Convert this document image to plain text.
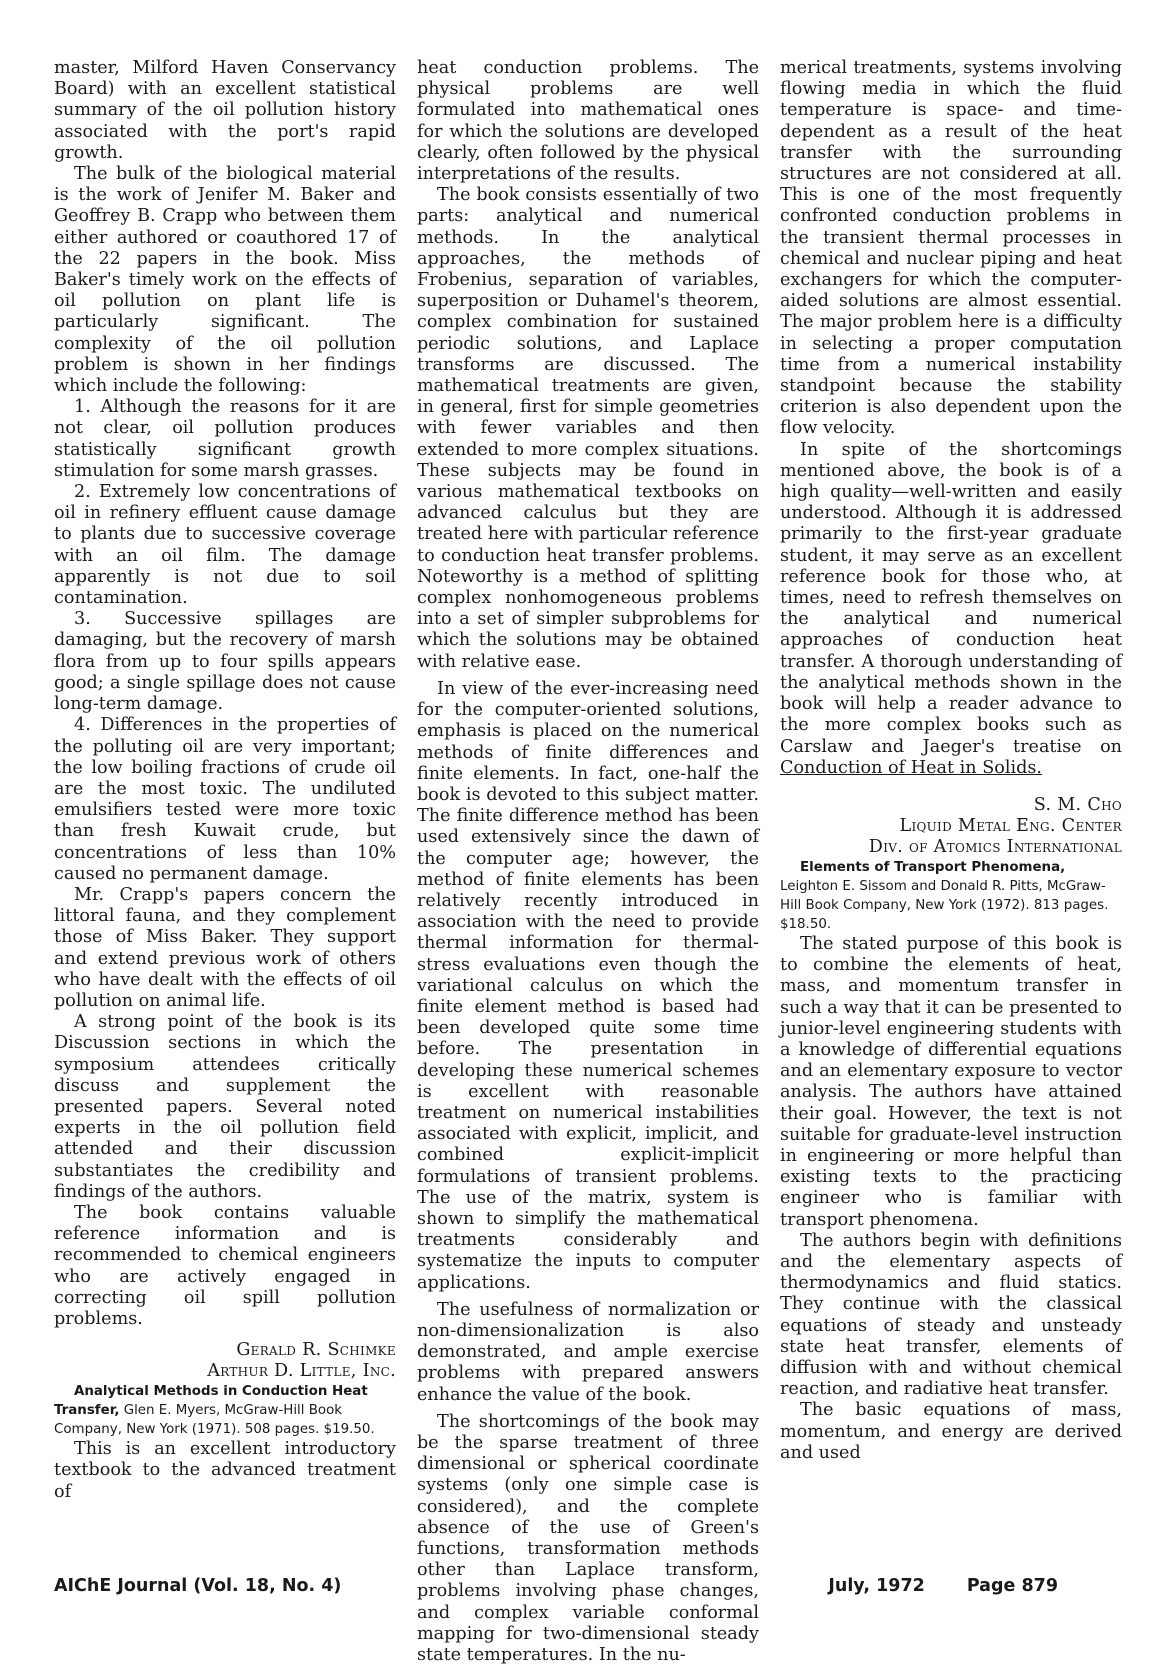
master, Milford Haven Conservancy Board) with an excellent statistical summary of the oil pollution history associated with the port's rapid growth.

The bulk of the biological material is the work of Jenifer M. Baker and Geoffrey B. Crapp who between them either authored or coauthored 17 of the 22 papers in the book. Miss Baker's timely work on the effects of oil pollution on plant life is particularly significant. The complexity of the oil pollution problem is shown in her findings which include the following:

1. Although the reasons for it are not clear, oil pollution produces statistically significant growth stimulation for some marsh grasses.

2. Extremely low concentrations of oil in refinery effluent cause damage to plants due to successive coverage with an oil film. The damage apparently is not due to soil contamination.

3. Successive spillages are damaging, but the recovery of marsh flora from up to four spills appears good; a single spillage does not cause long-term damage.

4. Differences in the properties of the polluting oil are very important; the low boiling fractions of crude oil are the most toxic. The undiluted emulsifiers tested were more toxic than fresh Kuwait crude, but concentrations of less than 10% caused no permanent damage.

Mr. Crapp's papers concern the littoral fauna, and they complement those of Miss Baker. They support and extend previous work of others who have dealt with the effects of oil pollution on animal life.

A strong point of the book is its Discussion sections in which the symposium attendees critically discuss and supplement the presented papers. Several noted experts in the oil pollution field attended and their discussion substantiates the credibility and findings of the authors.

The book contains valuable reference information and is recommended to chemical engineers who are actively engaged in correcting oil spill pollution problems.

Gerald R. Schimke
Arthur D. Little, Inc.

Analytical Methods in Conduction Heat Transfer, Glen E. Myers, McGraw-Hill Book Company, New York (1971). 508 pages. $19.50.

This is an excellent introductory textbook to the advanced treatment of

heat conduction problems. The physical problems are well formulated into mathematical ones for which the solutions are developed clearly, often followed by the physical interpretations of the results.

The book consists essentially of two parts: analytical and numerical methods. In the analytical approaches, the methods of Frobenius, separation of variables, superposition or Duhamel's theorem, complex combination for sustained periodic solutions, and Laplace transforms are discussed. The mathematical treatments are given, in general, first for simple geometries with fewer variables and then extended to more complex situations. These subjects may be found in various mathematical textbooks on advanced calculus but they are treated here with particular reference to conduction heat transfer problems. Noteworthy is a method of splitting complex nonhomogeneous problems into a set of simpler subproblems for which the solutions may be obtained with relative ease.

In view of the ever-increasing need for the computer-oriented solutions, emphasis is placed on the numerical methods of finite differences and finite elements. In fact, one-half the book is devoted to this subject matter. The finite difference method has been used extensively since the dawn of the computer age; however, the method of finite elements has been relatively recently introduced in association with the need to provide thermal information for thermal-stress evaluations even though the variational calculus on which the finite element method is based had been developed quite some time before. The presentation in developing these numerical schemes is excellent with reasonable treatment on numerical instabilities associated with explicit, implicit, and combined explicit-implicit formulations of transient problems. The use of the matrix, system is shown to simplify the mathematical treatments considerably and systematize the inputs to computer applications.

The usefulness of normalization or non-dimensionalization is also demonstrated, and ample exercise problems with prepared answers enhance the value of the book.

The shortcomings of the book may be the sparse treatment of three dimensional or spherical coordinate systems (only one simple case is considered), and the complete absence of the use of Green's functions, transformation methods other than Laplace transform, problems involving phase changes, and complex variable conformal mapping for two-dimensional steady state temperatures. In the nu-

merical treatments, systems involving flowing media in which the fluid temperature is space- and time-dependent as a result of the heat transfer with the surrounding structures are not considered at all. This is one of the most frequently confronted conduction problems in the transient thermal processes in chemical and nuclear piping and heat exchangers for which the computer-aided solutions are almost essential. The major problem here is a difficulty in selecting a proper computation time from a numerical instability standpoint because the stability criterion is also dependent upon the flow velocity.

In spite of the shortcomings mentioned above, the book is of a high quality—well-written and easily understood. Although it is addressed primarily to the first-year graduate student, it may serve as an excellent reference book for those who, at times, need to refresh themselves on the analytical and numerical approaches of conduction heat transfer. A thorough understanding of the analytical methods shown in the book will help a reader advance to the more complex books such as Carslaw and Jaeger's treatise on Conduction of Heat in Solids.

S. M. Cho
Liquid Metal Eng. Center
Div. of Atomics International

Elements of Transport Phenomena, Leighton E. Sissom and Donald R. Pitts, McGraw-Hill Book Company, New York (1972). 813 pages. $18.50.

The stated purpose of this book is to combine the elements of heat, mass, and momentum transfer in such a way that it can be presented to junior-level engineering students with a knowledge of differential equations and an elementary exposure to vector analysis. The authors have attained their goal. However, the text is not suitable for graduate-level instruction in engineering or more helpful than existing texts to the practicing engineer who is familiar with transport phenomena.

The authors begin with definitions and the elementary aspects of thermodynamics and fluid statics. They continue with the classical equations of steady and unsteady state heat transfer, elements of diffusion with and without chemical reaction, and radiative heat transfer.

The basic equations of mass, momentum, and energy are derived and used

AIChE Journal (Vol. 18, No. 4)	July, 1972 Page 879
